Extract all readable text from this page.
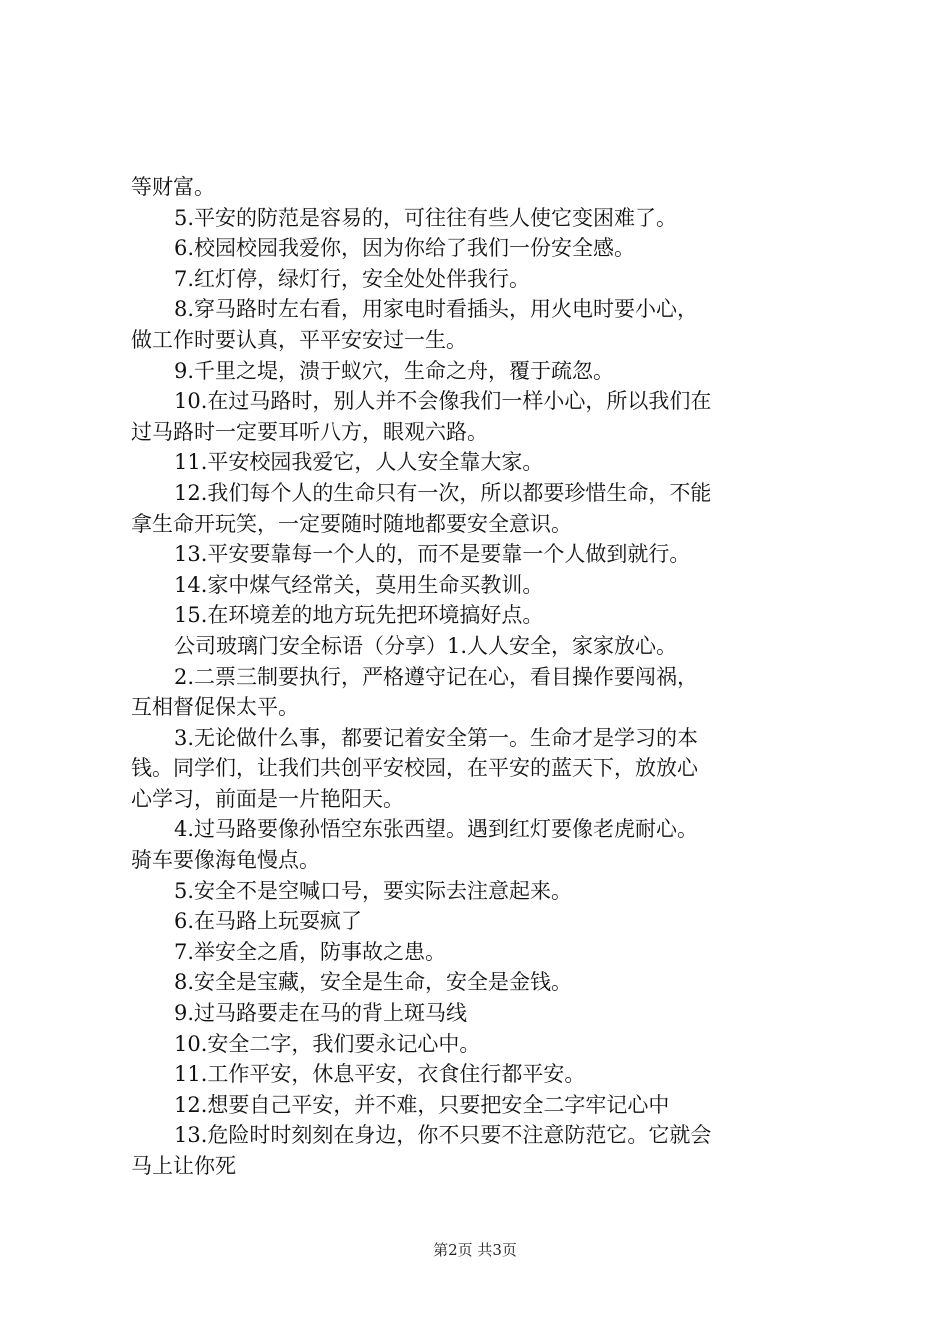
等财富。
5.平安的防范是容易的，可往往有些人使它变困难了。
6.校园校园我爱你，因为你给了我们一份安全感。
7.红灯停，绿灯行，安全处处伴我行。
8.穿马路时左右看，用家电时看插头，用火电时要小心，
做工作时要认真，平平安安过一生。
9.千里之堤，溃于蚁穴，生命之舟，覆于疏忽。
10.在过马路时，别人并不会像我们一样小心，所以我们在
过马路时一定要耳听八方，眼观六路。
11.平安校园我爱它，人人安全靠大家。
12.我们每个人的生命只有一次，所以都要珍惜生命，不能
拿生命开玩笑，一定要随时随地都要安全意识。
13.平安要靠每一个人的，而不是要靠一个人做到就行。
14.家中煤气经常关，莫用生命买教训。
15.在环境差的地方玩先把环境搞好点。
公司玻璃门安全标语（分享）1.人人安全，家家放心。
2.二票三制要执行，严格遵守记在心，看目操作要闯祸，
互相督促保太平。
3.无论做什么事，都要记着安全第一。生命才是学习的本
钱。同学们，让我们共创平安校园，在平安的蓝天下，放放心
心学习，前面是一片艳阳天。
4.过马路要像孙悟空东张西望。遇到红灯要像老虎耐心。
骑车要像海龟慢点。
5.安全不是空喊口号，要实际去注意起来。
6.在马路上玩耍疯了
7.举安全之盾，防事故之患。
8.安全是宝藏，安全是生命，安全是金钱。
9.过马路要走在马的背上斑马线
10.安全二字，我们要永记心中。
11.工作平安，休息平安，衣食住行都平安。
12.想要自己平安，并不难，只要把安全二字牢记心中
13.危险时时刻刻在身边，你不只要不注意防范它。它就会
马上让你死
第2页 共3页
